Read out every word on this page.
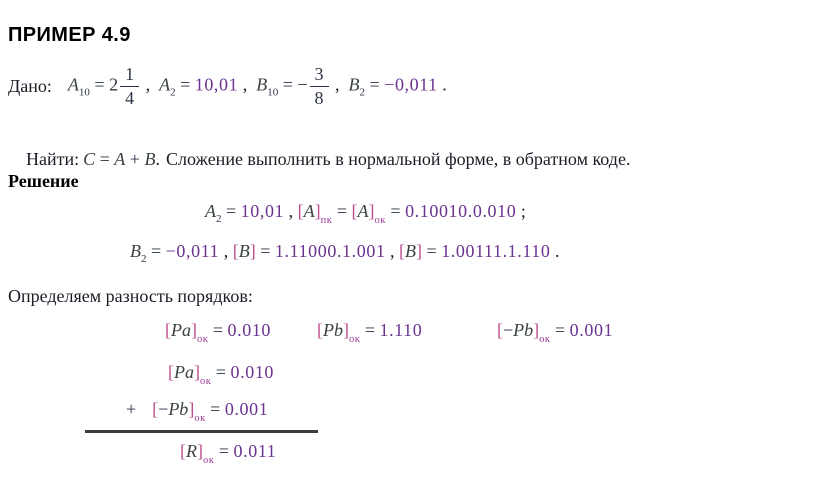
ПРИМЕР 4.9
Дано: $A_{10} = 2 \frac{1}{4}$ ,  $A_2 = 10,01$ ,  $B_{10}$ = − $\frac{3}{8}$ ,  $B_2 = -0,011$ .

Найти: C = A + B. Сложение выполнить в нормальной форме, в обратном коде.

Решение
$A_2 = 10,01$ , $[A]_{пк} = [A]_{ок} = 0.10010.0.010$ ;
$B_2 = -0,011$ , [B] = 1.11000.1.001 , [B] = 1.00111.1.110 .
Определяем разность порядков:
$[Pa]_{ок} = 0.010$	$[Pb]_{ок} = 1.110$	$[-Pb]_{ок} = 0.001$
$[Pa]_{ок} = 0.010$
+ $[-Pb]_{ок} = 0.001$
$[R]_{ок} = 0.011$
